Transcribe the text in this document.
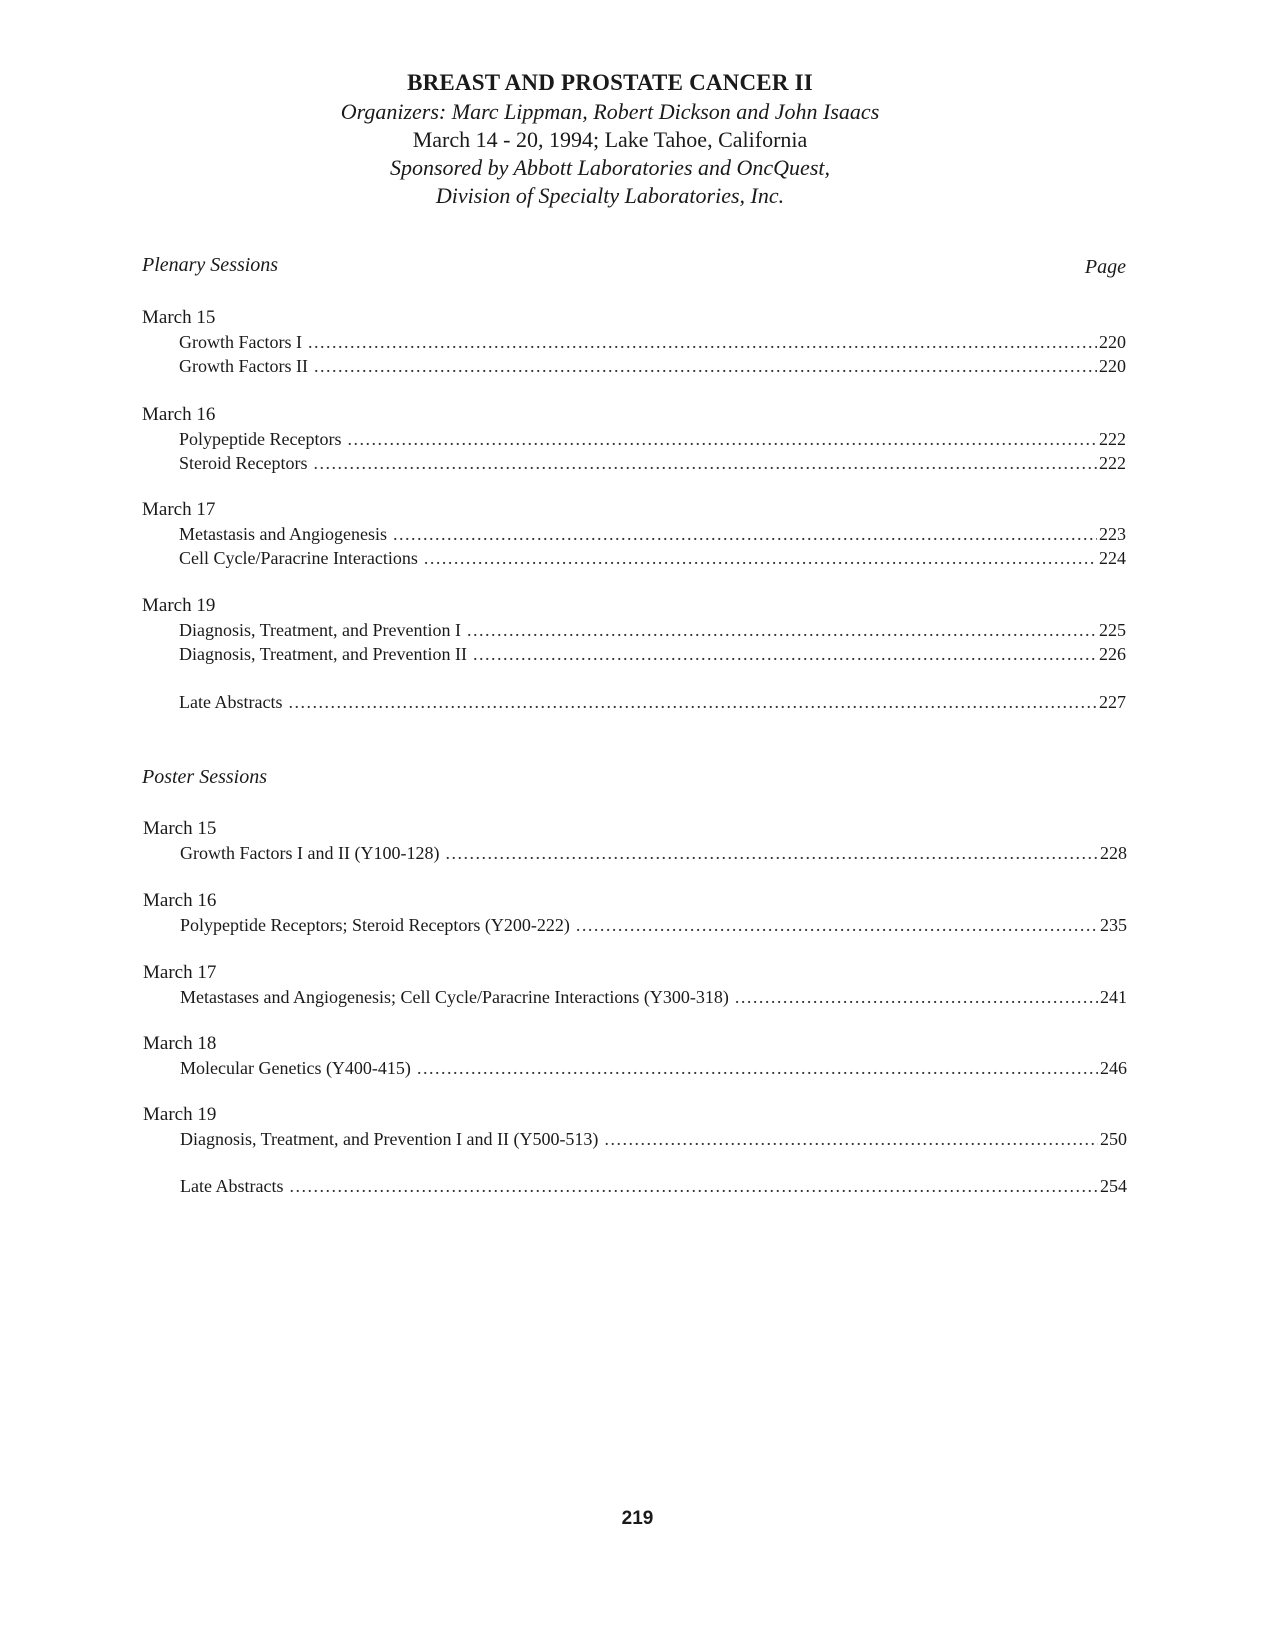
BREAST AND PROSTATE CANCER II
Organizers: Marc Lippman, Robert Dickson and John Isaacs
March 14 - 20, 1994; Lake Tahoe, California
Sponsored by Abbott Laboratories and OncQuest,
Division of Specialty Laboratories, Inc.
Plenary Sessions	Page
March 15
Growth Factors I .....	220
Growth Factors II .....	220
March 16
Polypeptide Receptors .....	222
Steroid Receptors .....	222
March 17
Metastasis and Angiogenesis .....	223
Cell Cycle/Paracrine Interactions .....	224
March 19
Diagnosis, Treatment, and Prevention I .....	225
Diagnosis, Treatment, and Prevention II .....	226
Late Abstracts .....	227
Poster Sessions
March 15
Growth Factors I and II (Y100-128) .....	228
March 16
Polypeptide Receptors; Steroid Receptors (Y200-222) .....	235
March 17
Metastases and Angiogenesis; Cell Cycle/Paracrine Interactions (Y300-318) .....	241
March 18
Molecular Genetics (Y400-415) .....	246
March 19
Diagnosis, Treatment, and Prevention I and II (Y500-513) .....	250
Late Abstracts .....	254
219
